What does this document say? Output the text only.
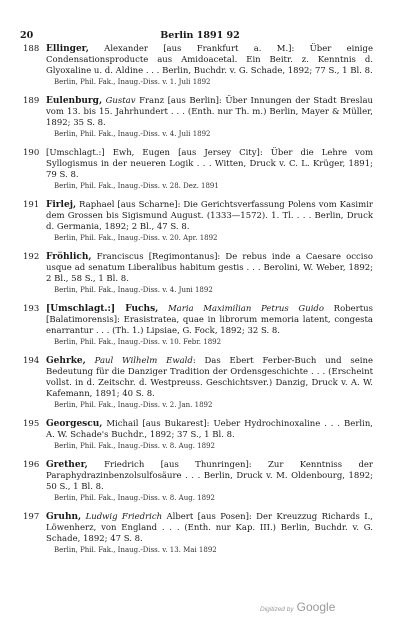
20	Berlin 1891 92
188 Ellinger, Alexander [aus Frankfurt a. M.]: Über einige Condensationsproducte aus Amidoacetal. Ein Beitr. z. Kenntnis d. Glyoxaline u. d. Aldine . . . Berlin, Buchdr. v. G. Schade, 1892; 77 S., 1 Bl. 8.
Berlin, Phil. Fak., Inaug.-Diss. v. 1. Juli 1892
189 Eulenburg, Gustav Franz [aus Berlin]: Über Innungen der Stadt Breslau vom 13. bis 15. Jahrhundert . . . (Enth. nur Th. m.) Berlin, Mayer & Müller, 1892; 35 S. 8.
Berlin, Phil. Fak., Inaug.-Diss. v. 4. Juli 1892
190 [Umschlagt.:] Ewh, Eugen [aus Jersey City]: Über die Lehre vom Syllogismus in der neueren Logik . . . Witten, Druck v. C. L. Krüger, 1891; 79 S. 8.
Berlin, Phil. Fak., Inaug.-Diss. v. 28. Dez. 1891
191 Firlej, Raphael [aus Scharne]: Die Gerichtsverfassung Polens vom Kasimir dem Grossen bis Sigismund August. (1333—1572). 1. Tl. . . . Berlin, Druck d. Germania, 1892; 2 Bl., 47 S. 8.
Berlin, Phil. Fak., Inaug.-Diss. v. 20. Apr. 1892
192 Fröhlich, Franciscus [Regimontanus]: De rebus inde a Caesare occiso usque ad senatum Liberalibus habitum gestis . . . Berolini, W. Weber, 1892; 2 Bl., 58 S., 1 Bl. 8.
Berlin, Phil. Fak., Inaug.-Diss. v. 4. Juni 1892
193 [Umschlagt.:] Fuchs, Maria Maximilian Petrus Guido Robertus [Balatimorensis]: Erasistratea, quae in librorum memoria latent, congesta enarrantur . . . (Th. 1.) Lipsiae, G. Fock, 1892; 32 S. 8.
Berlin, Phil. Fak., Inaug.-Diss. v. 10. Febr. 1892
194 Gehrke, Paul Wilhelm Ewald: Das Ebert Ferber-Buch und seine Bedeutung für die Danziger Tradition der Ordensgeschichte . . . (Erscheint vollst. in d. Zeitschr. d. Westpreuss. Geschichtsver.) Danzig, Druck v. A. W. Kafemann, 1891; 40 S. 8.
Berlin, Phil. Fak., Inaug.-Diss. v. 2. Jan. 1892
195 Georgescu, Michail [aus Bukarest]: Ueber Hydrochinoxaline . . . Berlin, A. W. Schade's Buchdr., 1892; 37 S., 1 Bl. 8.
Berlin, Phil. Fak., Inaug.-Diss. v. 8. Aug. 1892
196 Grether, Friedrich [aus Thunringen]: Zur Kenntniss der Paraphydrazinbenzolsulfosäure . . . Berlin, Druck v. M. Oldenbourg, 1892; 50 S., 1 Bl. 8.
Berlin, Phil. Fak., Inaug.-Diss. v. 8. Aug. 1892
197 Gruhn, Ludwig Friedrich Albert [aus Posen]: Der Kreuzzug Richards I., Löwenherz, von England . . . (Enth. nur Kap. III.) Berlin, Buchdr. v. G. Schade, 1892; 47 S. 8.
Berlin, Phil. Fak., Inaug.-Diss. v. 13. Mai 1892
Digitized by Google
